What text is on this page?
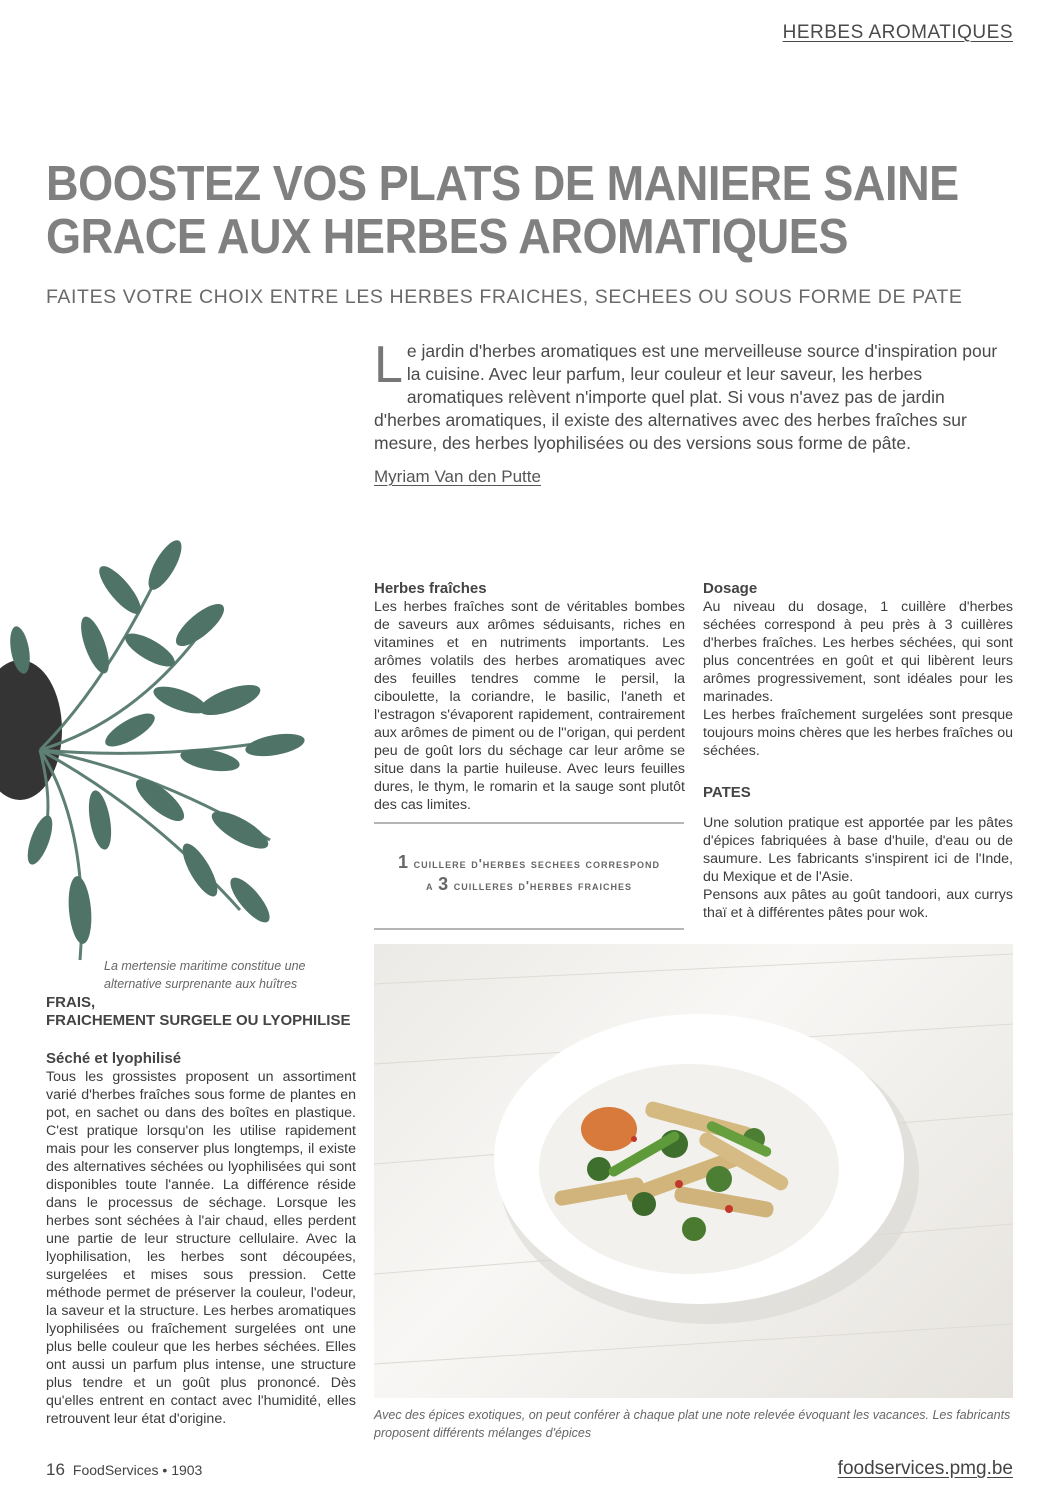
HERBES AROMATIQUES
BOOSTEZ VOS PLATS DE MANIERE SAINE
GRACE AUX HERBES AROMATIQUES
FAITES VOTRE CHOIX ENTRE LES HERBES FRAICHES, SECHEES OU SOUS FORME DE PATE
L e jardin d'herbes aromatiques est une merveilleuse source d'inspiration pour la cuisine. Avec leur parfum, leur couleur et leur saveur, les herbes aromatiques relèvent n'importe quel plat. Si vous n'avez pas de jardin d'herbes aromatiques, il existe des alternatives avec des herbes fraîches sur mesure, des herbes lyophilisées ou des versions sous forme de pâte.
Myriam Van den Putte
La mertensie maritime constitue une alternative surprenante aux huîtres
FRAIS,
FRAICHEMENT SURGELE OU LYOPHILISE
Séché et lyophilisé

Tous les grossistes proposent un assortiment varié d'herbes fraîches sous forme de plantes en pot, en sachet ou dans des boîtes en plastique. C'est pratique lorsqu'on les utilise rapidement mais pour les conserver plus longtemps, il existe des alternatives séchées ou lyophilisées qui sont disponibles toute l'année. La différence réside dans le processus de séchage. Lorsque les herbes sont séchées à l'air chaud, elles perdent une partie de leur structure cellulaire. Avec la lyophilisation, les herbes sont découpées, surgelées et mises sous pression. Cette méthode permet de préserver la couleur, l'odeur, la saveur et la structure. Les herbes aromatiques lyophilisées ou fraîchement surgelées ont une plus belle couleur que les herbes séchées. Elles ont aussi un parfum plus intense, une structure plus tendre et un goût plus prononcé. Dès qu'elles entrent en contact avec l'humidité, elles retrouvent leur état d'origine.

Herbes fraîches

Les herbes fraîches sont de véritables bombes de saveurs aux arômes séduisants, riches en vitamines et en nutriments importants. Les arômes volatils des herbes aromatiques avec des feuilles tendres comme le persil, la ciboulette, la coriandre, le basilic, l'aneth et l'estragon s'évaporent rapidement, contrairement aux arômes de piment ou de l''origan, qui perdent peu de goût lors du séchage car leur arôme se situe dans la partie huileuse. Avec leurs feuilles dures, le thym, le romarin et la sauge sont plutôt des cas limites.

1 cuillere d'herbes sechees correspond
a 3 cuilleres d'herbes fraiches
Dosage

Au niveau du dosage, 1 cuillère d'herbes séchées correspond à peu près à 3 cuillères d'herbes fraîches. Les herbes séchées, qui sont plus concentrées en goût et qui libèrent leurs arômes progressivement, sont idéales pour les marinades.

Les herbes fraîchement surgelées sont presque toujours moins chères que les herbes fraîches ou séchées.

PATES

Une solution pratique est apportée par les pâtes d'épices fabriquées à base d'huile, d'eau ou de saumure. Les fabricants s'inspirent ici de l'Inde, du Mexique et de l'Asie.

Pensons aux pâtes au goût tandoori, aux currys thaï et à différentes pâtes pour wok.

Avec des épices exotiques, on peut conférer à chaque plat une note relevée évoquant les vacances. Les fabricants proposent différents mélanges d'épices
16 FoodServices • 1903	foodservices.pmg.be
